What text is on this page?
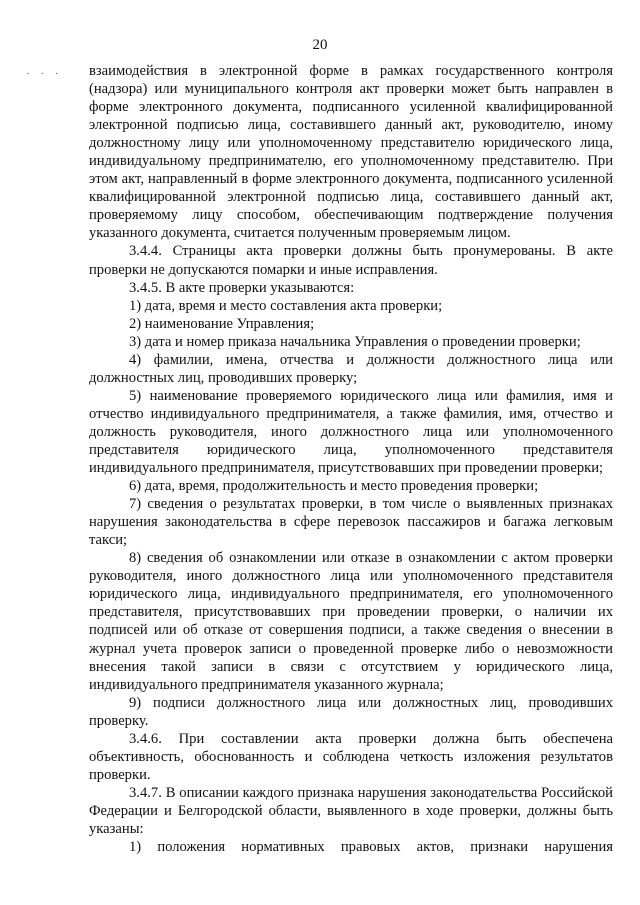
20
· · · взаимодействия в электронной форме в рамках государственного контроля (надзора) или муниципального контроля акт проверки может быть направлен в форме электронного документа, подписанного усиленной квалифицированной электронной подписью лица, составившего данный акт, руководителю, иному должностному лицу или уполномоченному представителю юридического лица, индивидуальному предпринимателю, его уполномоченному представителю. При этом акт, направленный в форме электронного документа, подписанного усиленной квалифицированной электронной подписью лица, составившего данный акт, проверяемому лицу способом, обеспечивающим подтверждение получения указанного документа, считается полученным проверяемым лицом.

3.4.4. Страницы акта проверки должны быть пронумерованы. В акте проверки не допускаются помарки и иные исправления.

3.4.5. В акте проверки указываются:

1) дата, время и место составления акта проверки;

2) наименование Управления;

3) дата и номер приказа начальника Управления о проведении проверки;

4) фамилии, имена, отчества и должности должностного лица или должностных лиц, проводивших проверку;

5) наименование проверяемого юридического лица или фамилия, имя и отчество индивидуального предпринимателя, а также фамилия, имя, отчество и должность руководителя, иного должностного лица или уполномоченного представителя юридического лица, уполномоченного представителя индивидуального предпринимателя, присутствовавших при проведении проверки;

6) дата, время, продолжительность и место проведения проверки;

7) сведения о результатах проверки, в том числе о выявленных признаках нарушения законодательства в сфере перевозок пассажиров и багажа легковым такси;

8) сведения об ознакомлении или отказе в ознакомлении с актом проверки руководителя, иного должностного лица или уполномоченного представителя юридического лица, индивидуального предпринимателя, его уполномоченного представителя, присутствовавших при проведении проверки, о наличии их подписей или об отказе от совершения подписи, а также сведения о внесении в журнал учета проверок записи о проведенной проверке либо о невозможности внесения такой записи в связи с отсутствием у юридического лица, индивидуального предпринимателя указанного журнала;

9) подписи должностного лица или должностных лиц, проводивших проверку.

3.4.6. При составлении акта проверки должна быть обеспечена объективность, обоснованность и соблюдена четкость изложения результатов проверки.

3.4.7. В описании каждого признака нарушения законодательства Российской Федерации и Белгородской области, выявленного в ходе проверки, должны быть указаны:

1) положения нормативных правовых актов, признаки нарушения
